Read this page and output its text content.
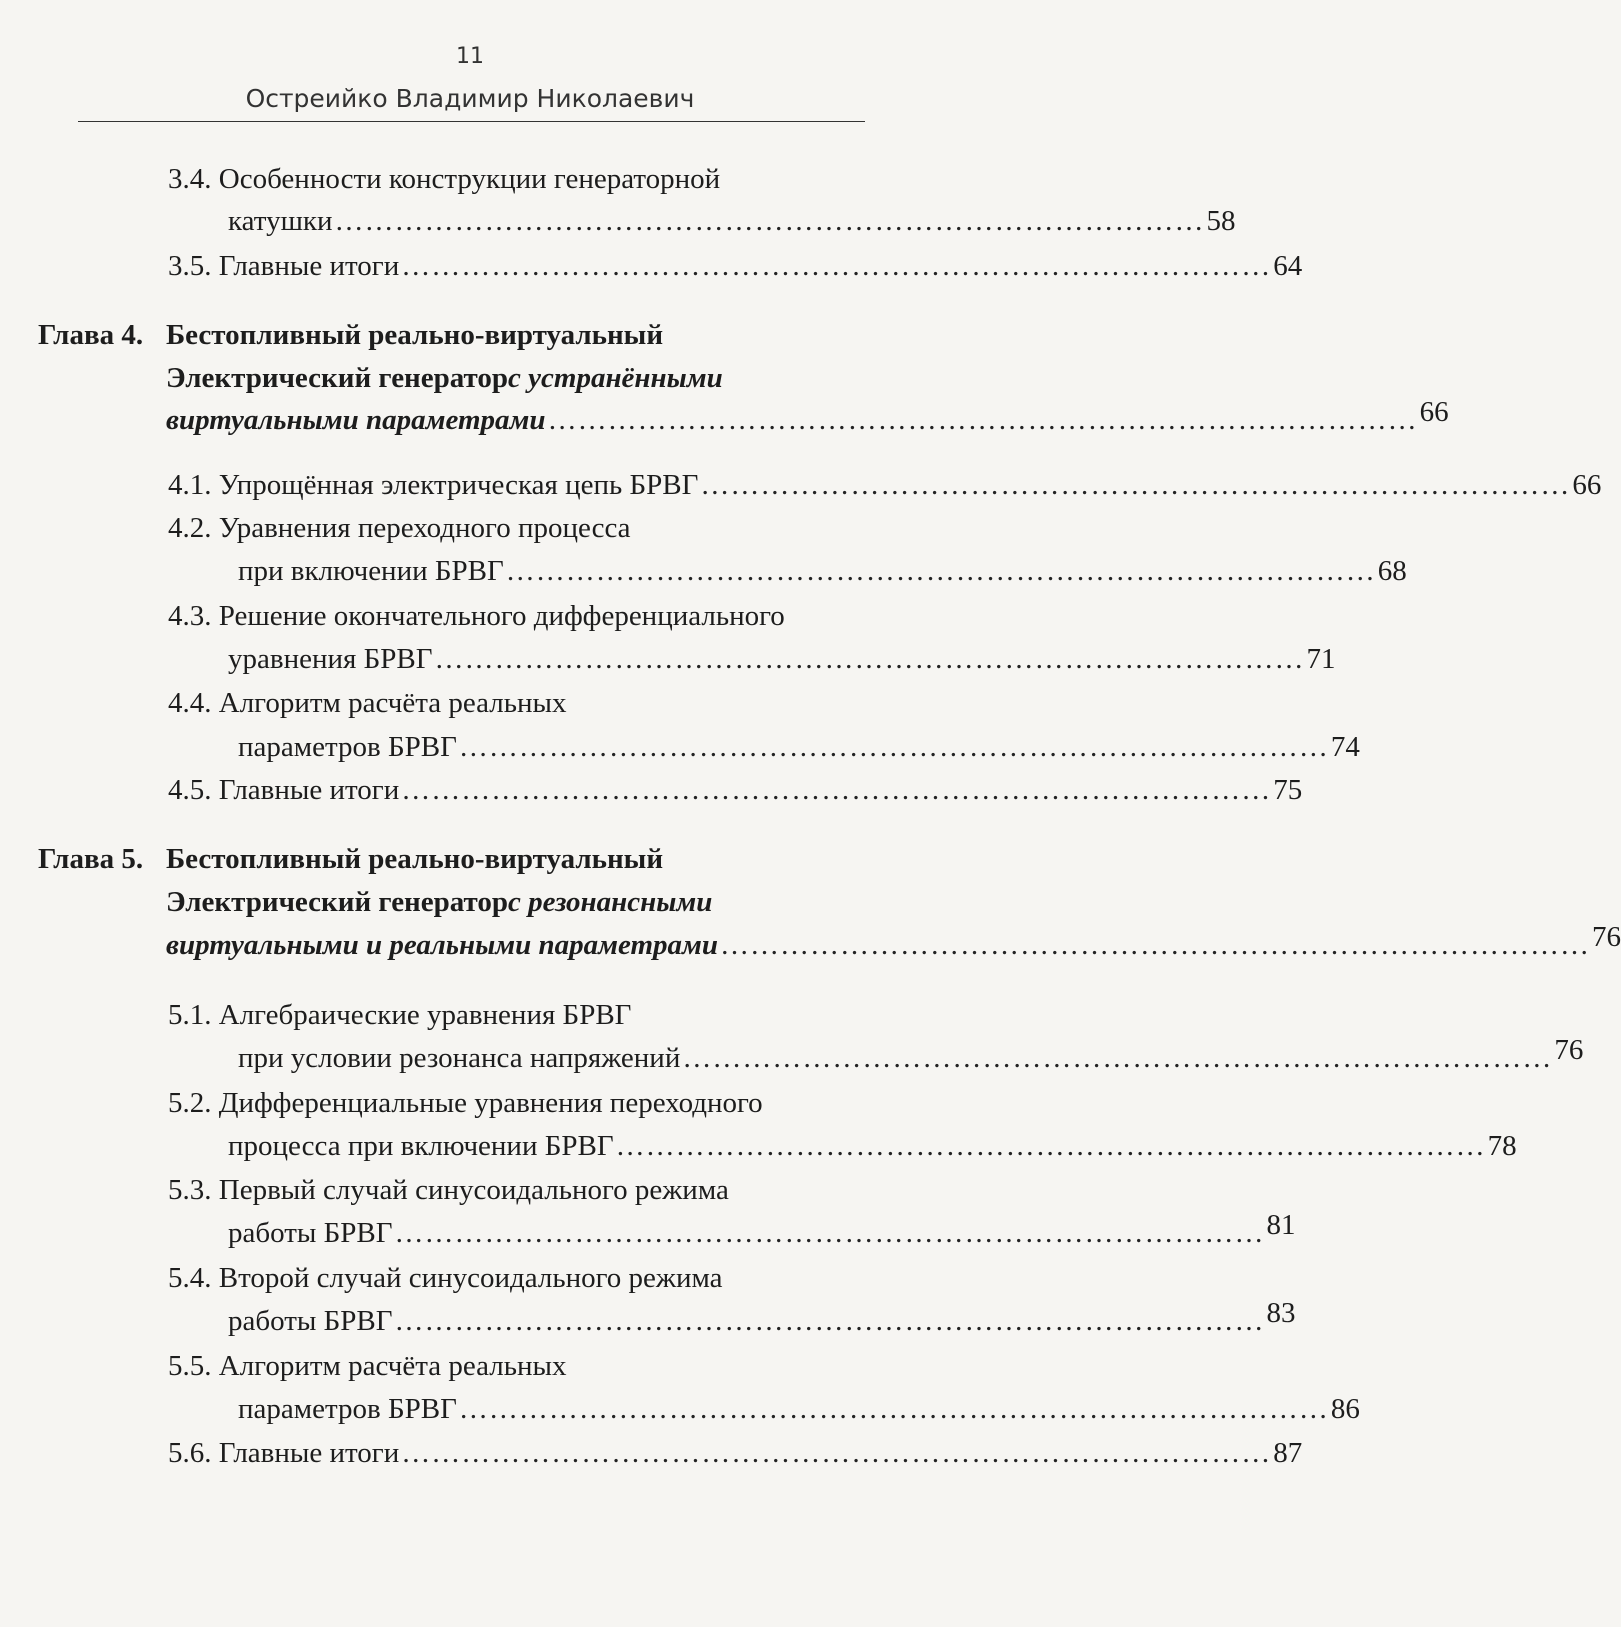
11
Остреийко Владимир Николаевич
3.4. Особенности конструкции генераторной
катушки …………………………………………………………………………… 58
3.5. Главные итоги …………………………………………………………………………… 64
Глава 4. Бестопливный реально-виртуальный
Электрический генератор с устранёнными
виртуальными параметрами …………………………………………………………………………… 66
4.1. Упрощённая электрическая цепь БРВГ …………………………………………………………………………… 66
4.2. Уравнения переходного процесса
при включении БРВГ …………………………………………………………………………… 68
4.3. Решение окончательного дифференциального
уравнения БРВГ …………………………………………………………………………… 71
4.4. Алгоритм расчёта реальных
параметров БРВГ …………………………………………………………………………… 74
4.5. Главные итоги …………………………………………………………………………… 75
Глава 5. Бестопливный реально-виртуальный
Электрический генератор с резонансными
виртуальными и реальными параметрами …………………………………………………………………………… 76
5.1. Алгебраические уравнения БРВГ
при условии резонанса напряжений …………………………………………………………………………… 76
5.2. Дифференциальные уравнения переходного
процесса при включении БРВГ …………………………………………………………………………… 78
5.3. Первый случай синусоидального режима
работы БРВГ …………………………………………………………………………… 81
5.4. Второй случай синусоидального режима
работы БРВГ …………………………………………………………………………… 83
5.5. Алгоритм расчёта реальных
параметров БРВГ …………………………………………………………………………… 86
5.6. Главные итоги …………………………………………………………………………… 87
